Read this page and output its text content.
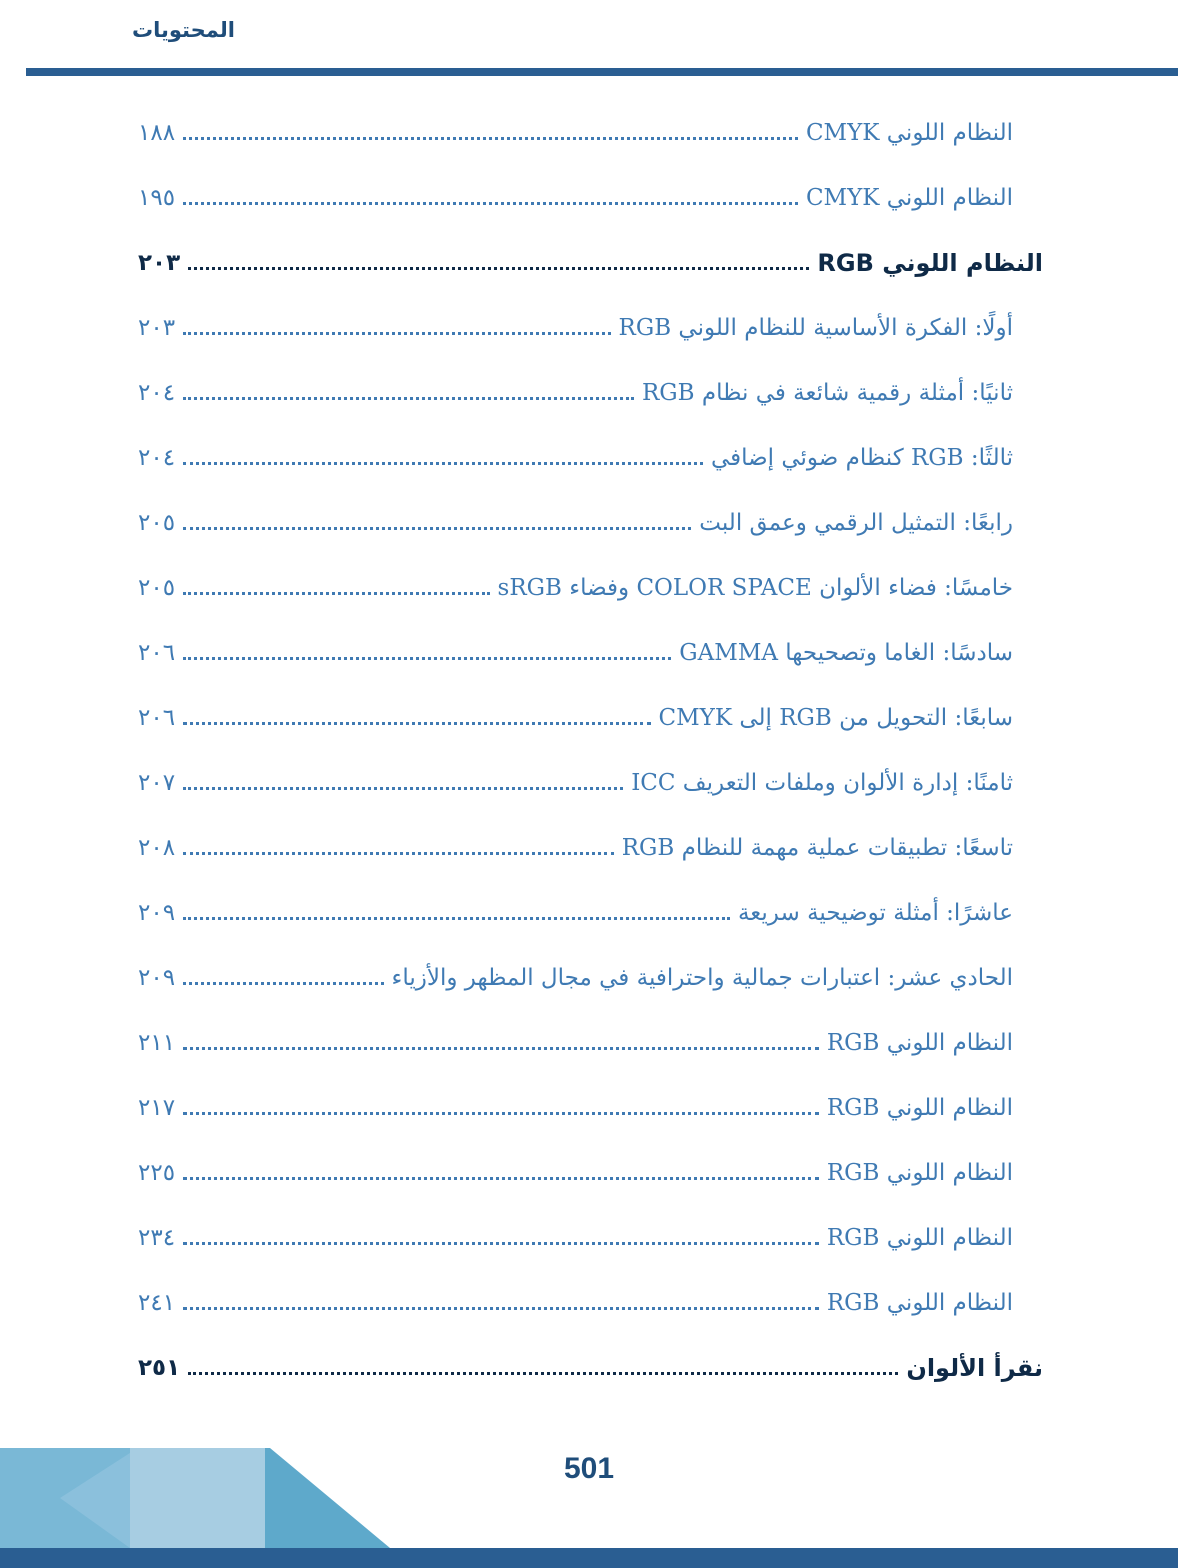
المحتويات
النظام اللوني CMYK
١٨٨
النظام اللوني CMYK
١٩٥
النظام اللوني RGB
٢٠٣
أولًا: الفكرة الأساسية للنظام اللوني RGB
٢٠٣
ثانيًا: أمثلة رقمية شائعة في نظام RGB
٢٠٤
ثالثًا: RGB كنظام ضوئي إضافي
٢٠٤
رابعًا: التمثيل الرقمي وعمق البت
٢٠٥
خامسًا: فضاء الألوان COLOR SPACE وفضاء sRGB
٢٠٥
سادسًا: الغاما وتصحيحها GAMMA
٢٠٦
سابعًا: التحويل من RGB إلى CMYK
٢٠٦
ثامنًا: إدارة الألوان وملفات التعريف ICC
٢٠٧
تاسعًا: تطبيقات عملية مهمة للنظام RGB
٢٠٨
عاشرًا: أمثلة توضيحية سريعة
٢٠٩
الحادي عشر: اعتبارات جمالية واحترافية في مجال المظهر والأزياء
٢٠٩
النظام اللوني RGB
٢١١
النظام اللوني RGB
٢١٧
النظام اللوني RGB
٢٢٥
النظام اللوني RGB
٢٣٤
النظام اللوني RGB
٢٤١
نقرأ الألوان
٢٥١
501
